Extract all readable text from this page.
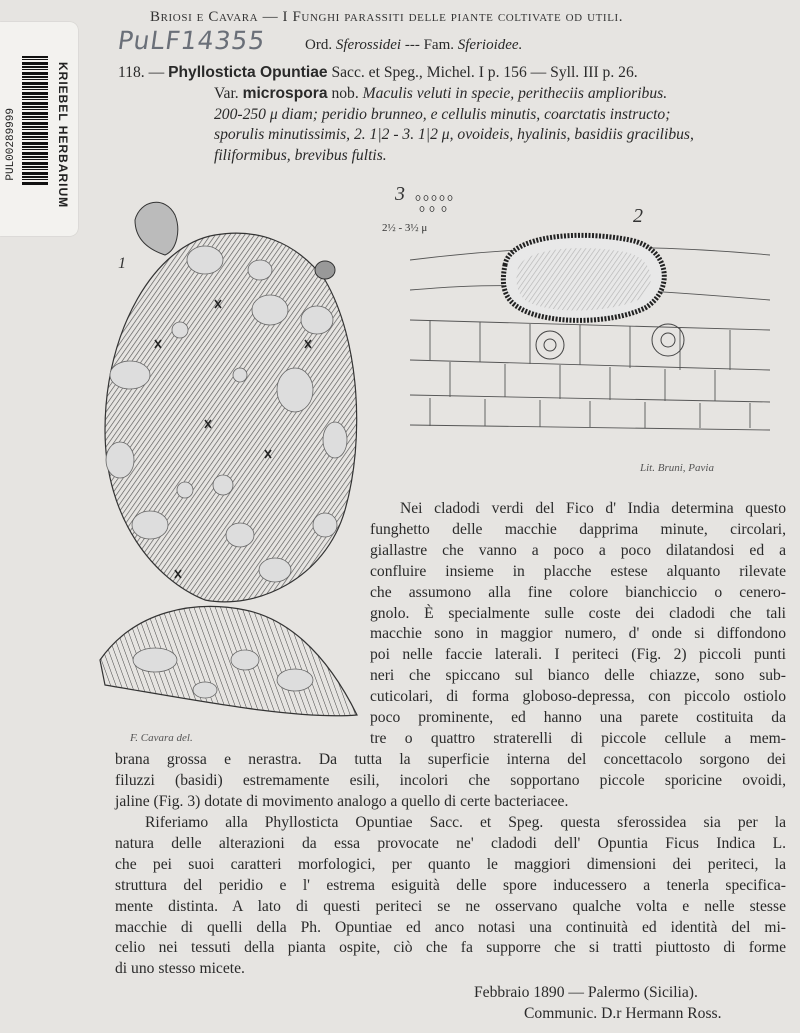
PUL00289999	KRIEBEL HERBARIUM
PuLF14355
Briosi e Cavara — I Funghi parassiti delle piante coltivate od utili.
Ord. Sferossidei --- Fam. Sferioidee.
118. — Phyllosticta Opuntiae Sacc. et Speg., Michel. I p. 156 — Syll. III p. 26.
Var. microspora nob. Maculis veluti in specie, peritheciis amplioribus.
200-250 μ diam; peridio brunneo, e cellulis minutis, coarctatis instructo;
sporulis minutissimis, 2. 1|2 - 3. 1|2 μ, ovoideis, hyalinis, basidiis gracilibus,
filiformibus, brevibus fultis.
1
F. Cavara del.
2
Lit. Bruni, Pavia
3
2½ - 3½ μ
Nei cladodi verdi del Fico d' India determina questo
funghetto delle macchie dapprima minute, circolari,
giallastre che vanno a poco a poco dilatandosi ed a
confluire insieme in placche estese alquanto rilevate
che assumono alla fine colore bianchiccio o cenero-
gnolo. È specialmente sulle coste dei cladodi che tali
macchie sono in maggior numero, d' onde si diffondono
poi nelle faccie laterali. I periteci (Fig. 2) piccoli punti
neri che spiccano sul bianco delle chiazze, sono sub-
cuticolari, di forma globoso-depressa, con piccolo ostiolo
poco prominente, ed hanno una parete costituita da
tre o quattro straterelli di piccole cellule a mem-
brana grossa e nerastra. Da tutta la superficie interna del concettacolo sorgono dei
filuzzi (basidi) estremamente esili, incolori che sopportano piccole sporicine ovoidi,
jaline (Fig. 3) dotate di movimento analogo a quello di certe bacteriacee.
Riferiamo alla Phyllosticta Opuntiae Sacc. et Speg. questa sferossidea sia per la
natura delle alterazioni da essa provocate ne' cladodi dell' Opuntia Ficus Indica L.
che pei suoi caratteri morfologici, per quanto le maggiori dimensioni dei periteci, la
struttura del peridio e l' estrema esiguità delle spore inducessero a tenerla specifica-
mente distinta. A lato di questi periteci se ne osservano qualche volta e nelle stesse
macchie di quelli della Ph. Opuntiae ed anco notasi una continuità ed identità del mi-
celio nei tessuti della pianta ospite, ciò che fa supporre che si tratti piuttosto di forme
di uno stesso micete.
Febbraio 1890 — Palermo (Sicilia).
Communic. D.r Hermann Ross.
